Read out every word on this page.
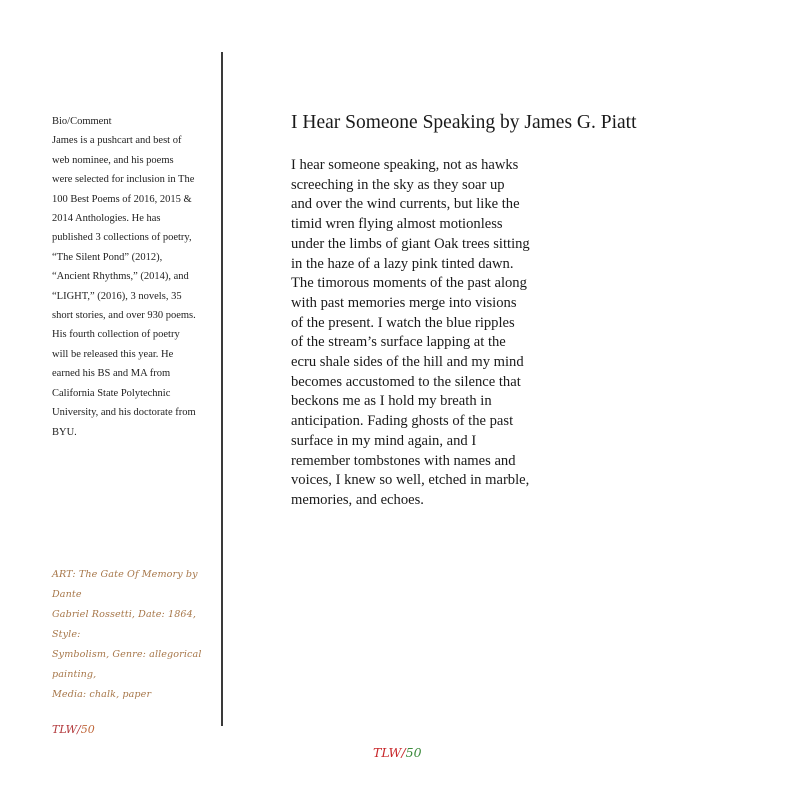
Bio/Comment
James is a pushcart and best of
web nominee, and his poems
were selected for inclusion in The
100 Best Poems of 2016, 2015 &
2014 Anthologies. He has
published 3 collections of poetry,
“The Silent Pond” (2012),
“Ancient Rhythms,” (2014), and
“LIGHT,” (2016), 3 novels, 35
short stories, and over 930 poems.
His fourth collection of poetry
will be released this year. He
earned his BS and MA from
California State Polytechnic
University, and his doctorate from
BYU.
ART: The Gate Of Memory by Dante
Gabriel Rossetti, Date: 1864, Style:
Symbolism, Genre: allegorical painting,
Media: chalk, paper
TLW/50
I Hear Someone Speaking by James G. Piatt
I hear someone speaking, not as hawks
screeching in the sky as they soar up
and over the wind currents, but like the
timid wren flying almost motionless
under the limbs of giant Oak trees sitting
in the haze of a lazy pink tinted dawn.
The timorous moments of the past along
with past memories merge into visions
of the present. I watch the blue ripples
of the stream’s surface lapping at the
ecru shale sides of the hill and my mind
becomes accustomed to the silence that
beckons me as I hold my breath in
anticipation. Fading ghosts of the past
surface in my mind again, and I
remember tombstones with names and
voices, I knew so well, etched in marble,
memories, and echoes.
TLW/50
